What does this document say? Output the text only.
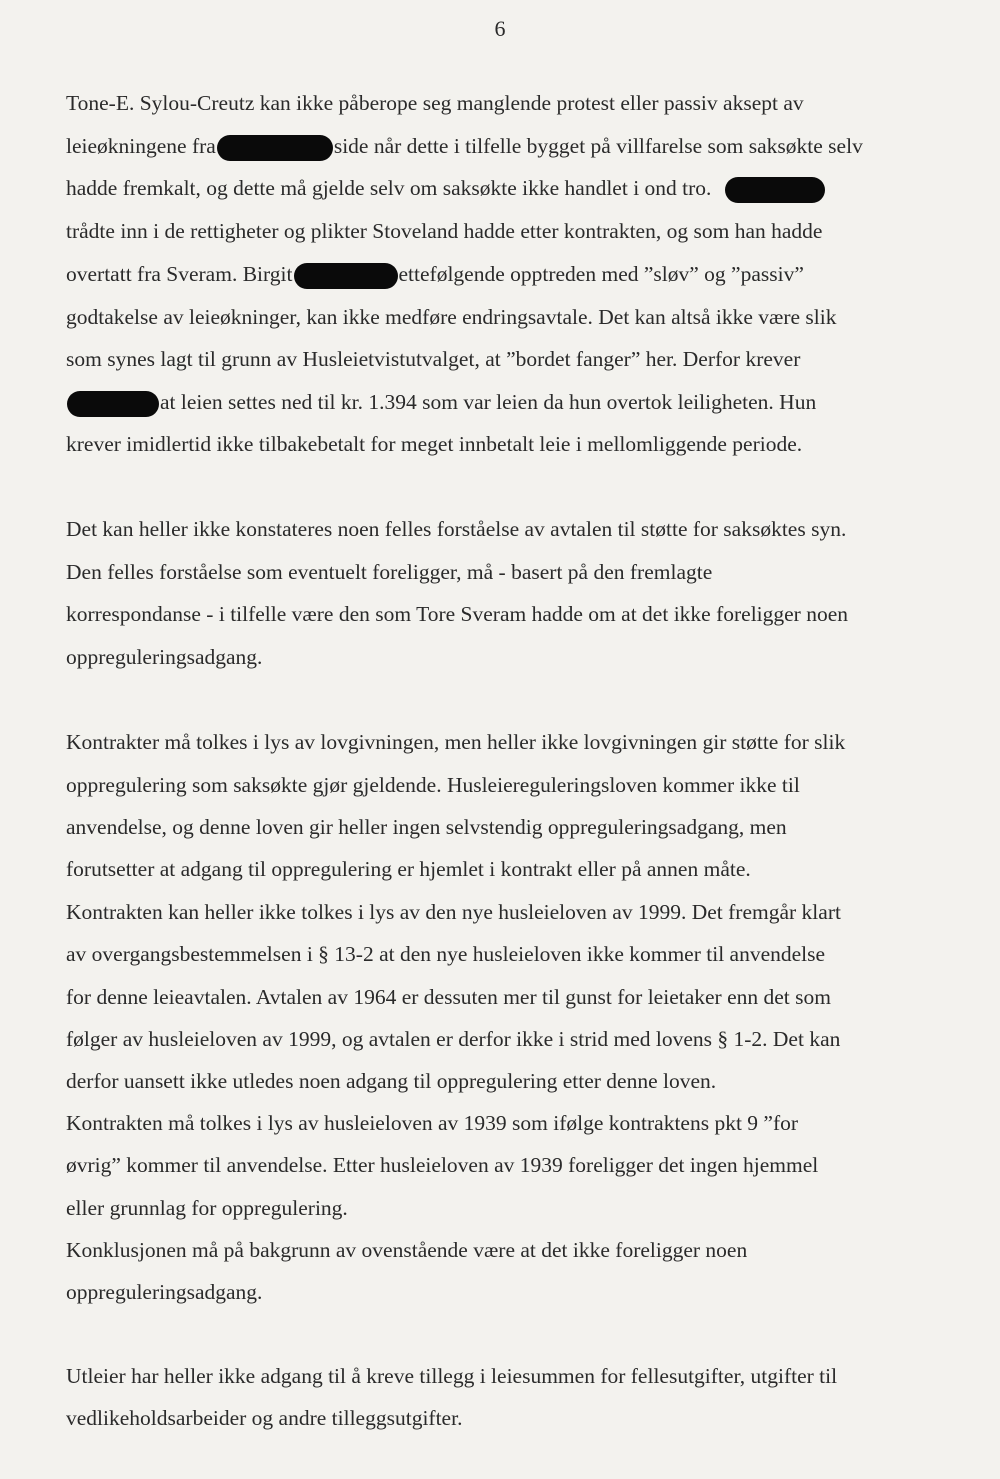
6
Tone-E. Sylou-Creutz kan ikke påberope seg manglende protest eller passiv aksept av
leieøkningene fra	side når dette i tilfelle bygget på villfarelse som saksøkte selv
hadde fremkalt, og dette må gjelde selv om saksøkte ikke handlet i ond tro.
trådte inn i de rettigheter og plikter Stoveland hadde etter kontrakten, og som han hadde
overtatt fra Sveram. Birgit	ettefølgende opptreden med ”sløv” og ”passiv”
godtakelse av leieøkninger, kan ikke medføre endringsavtale. Det kan altså ikke være slik
som synes lagt til grunn av Husleietvistutvalget, at ”bordet fanger” her. Derfor krever
at leien settes ned til kr. 1.394 som var leien da hun overtok leiligheten. Hun
krever imidlertid ikke tilbakebetalt for meget innbetalt leie i mellomliggende periode.
Det kan heller ikke konstateres noen felles forståelse av avtalen til støtte for saksøktes syn.
Den felles forståelse som eventuelt foreligger, må - basert på den fremlagte
korrespondanse - i tilfelle være den som Tore Sveram hadde om at det ikke foreligger noen
oppreguleringsadgang.
Kontrakter må tolkes i lys av lovgivningen, men heller ikke lovgivningen gir støtte for slik
oppregulering som saksøkte gjør gjeldende. Husleiereguleringsloven kommer ikke til
anvendelse, og denne loven gir heller ingen selvstendig oppreguleringsadgang, men
forutsetter at adgang til oppregulering er hjemlet i kontrakt eller på annen måte.
Kontrakten kan heller ikke tolkes i lys av den nye husleieloven av 1999. Det fremgår klart
av overgangsbestemmelsen i § 13-2 at den nye husleieloven ikke kommer til anvendelse
for denne leieavtalen. Avtalen av 1964 er dessuten mer til gunst for leietaker enn det som
følger av husleieloven av 1999, og avtalen er derfor ikke i strid med lovens § 1-2. Det kan
derfor uansett ikke utledes noen adgang til oppregulering etter denne loven.
Kontrakten må tolkes i lys av husleieloven av 1939 som ifølge kontraktens pkt 9 ”for
øvrig” kommer til anvendelse. Etter husleieloven av 1939 foreligger det ingen hjemmel
eller grunnlag for oppregulering.
Konklusjonen må på bakgrunn av ovenstående være at det ikke foreligger noen
oppreguleringsadgang.
Utleier har heller ikke adgang til å kreve tillegg i leiesummen for fellesutgifter, utgifter til
vedlikeholdsarbeider og andre tilleggsutgifter.
